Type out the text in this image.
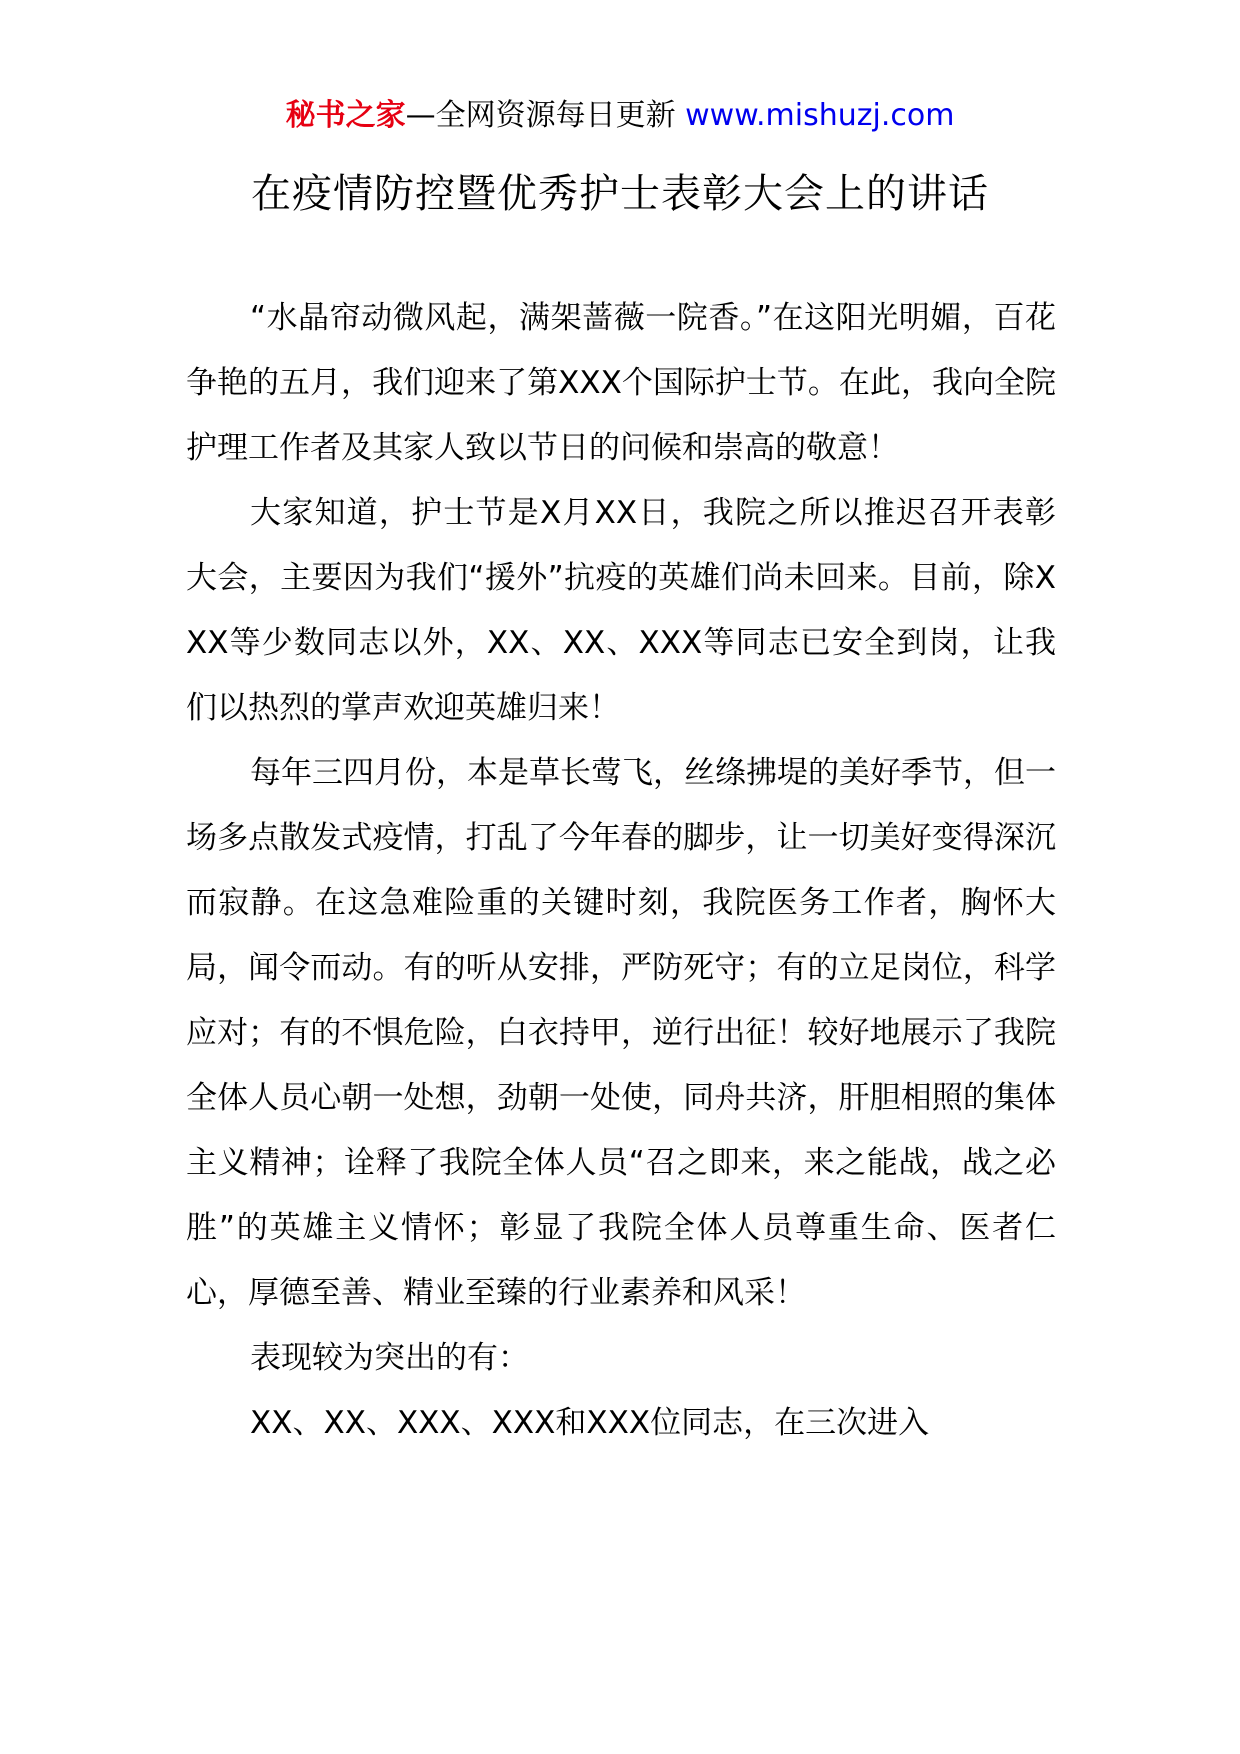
秘书之家—全网资源每日更新 www.mishuzj.com
在疫情防控暨优秀护士表彰大会上的讲话

“水晶帘动微风起，满架蔷薇一院香。”在这阳光明媚，百花争艳的五月，我们迎来了第XXX个国际护士节。在此，我向全院护理工作者及其家人致以节日的问候和崇高的敬意！

大家知道，护士节是X月XX日，我院之所以推迟召开表彰大会，主要因为我们“援外”抗疫的英雄们尚未回来。目前，除XXX等少数同志以外，XX、XX、XXX等同志已安全到岗，让我们以热烈的掌声欢迎英雄归来！

每年三四月份，本是草长莺飞，丝绦拂堤的美好季节，但一场多点散发式疫情，打乱了今年春的脚步，让一切美好变得深沉而寂静。在这急难险重的关键时刻，我院医务工作者，胸怀大局，闻令而动。有的听从安排，严防死守；有的立足岗位，科学应对；有的不惧危险，白衣持甲，逆行出征！较好地展示了我院全体人员心朝一处想，劲朝一处使，同舟共济，肝胆相照的集体主义精神；诠释了我院全体人员“召之即来，来之能战，战之必胜”的英雄主义情怀；彰显了我院全体人员尊重生命、医者仁心，厚德至善、精业至臻的行业素养和风采！

表现较为突出的有：

XX、XX、XXX、XXX和XXX位同志，在三次进入
